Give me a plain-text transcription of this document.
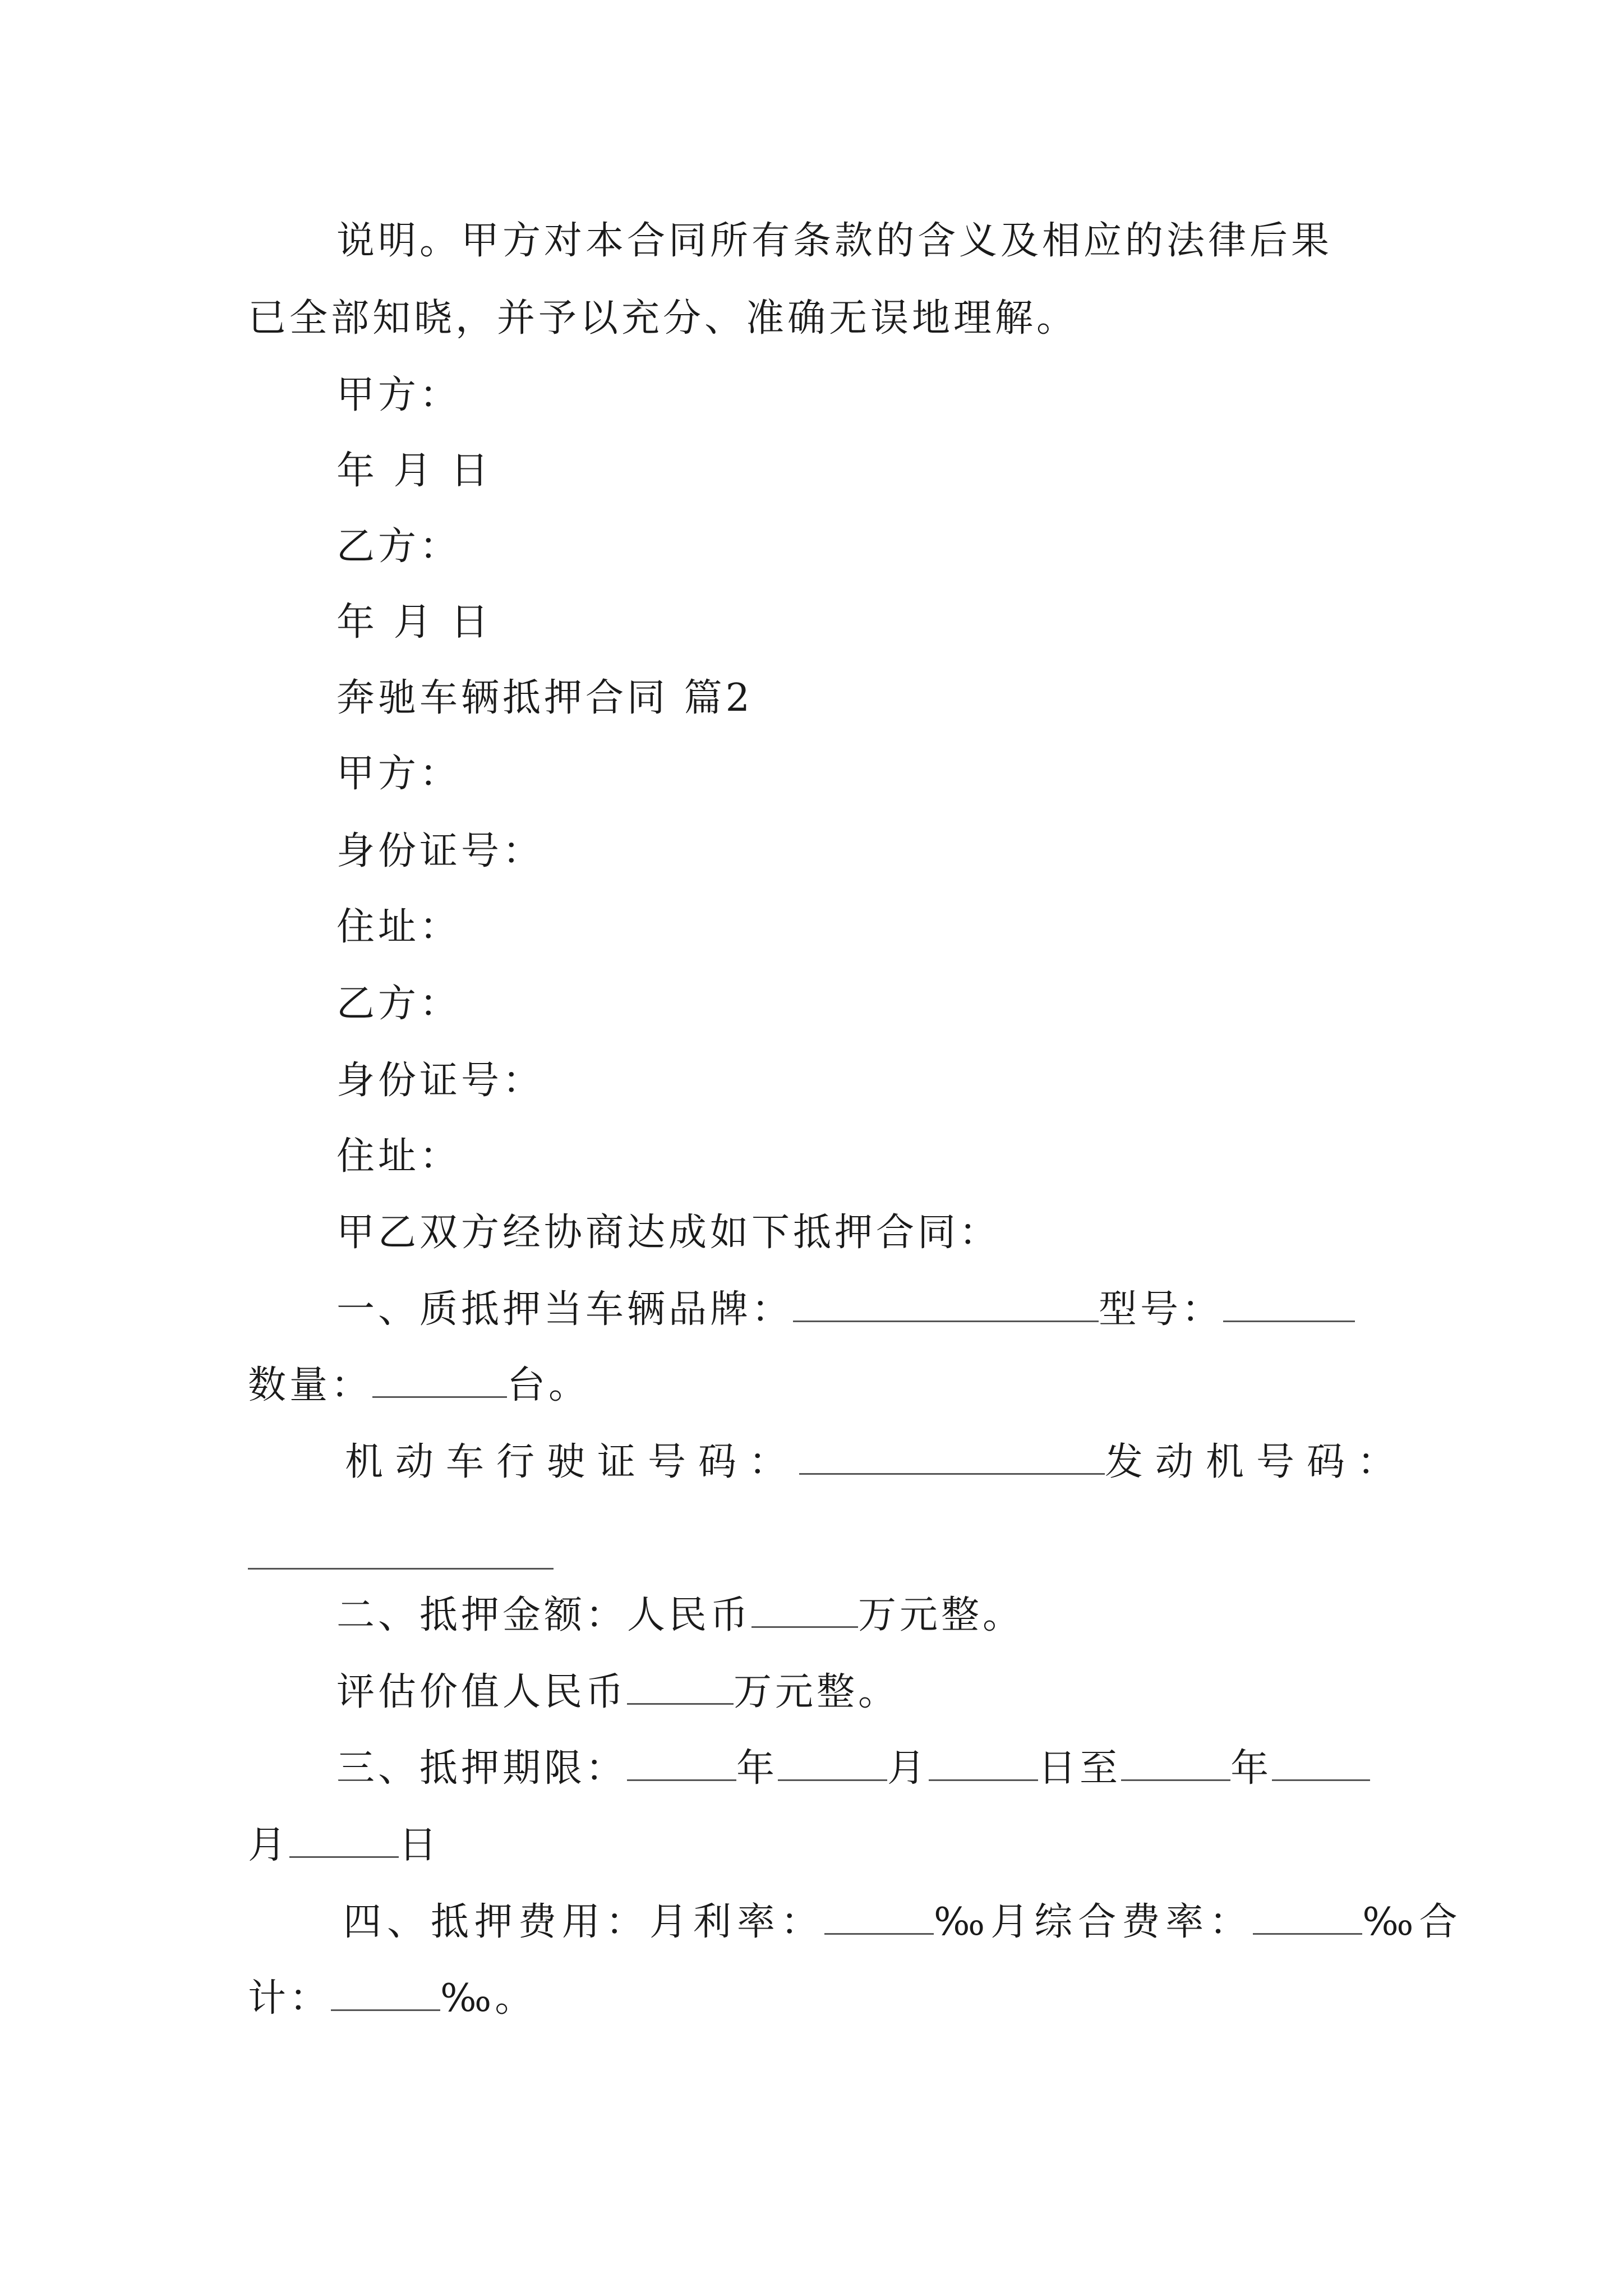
说明。甲方对本合同所有条款的含义及相应的法律后果
已全部知晓，并予以充分、准确无误地理解。
甲方：
年 月 日
乙方：
年 月 日
奔驰车辆抵押合同 篇2
甲方：
身份证号：
住址：
乙方：
身份证号：
住址：
甲乙双方经协商达成如下抵押合同：
一、质抵押当车辆品牌：	型号：
数量：	台。
机动车行驶证号码：	发动机号码：
二、抵押金额：人民币	万元整。
评估价值人民币	万元整。
三、抵押期限：	年	月	日至	年
月	日
四、抵押费用：月利率：	‰月综合费率：	‰合
计：	‰。
